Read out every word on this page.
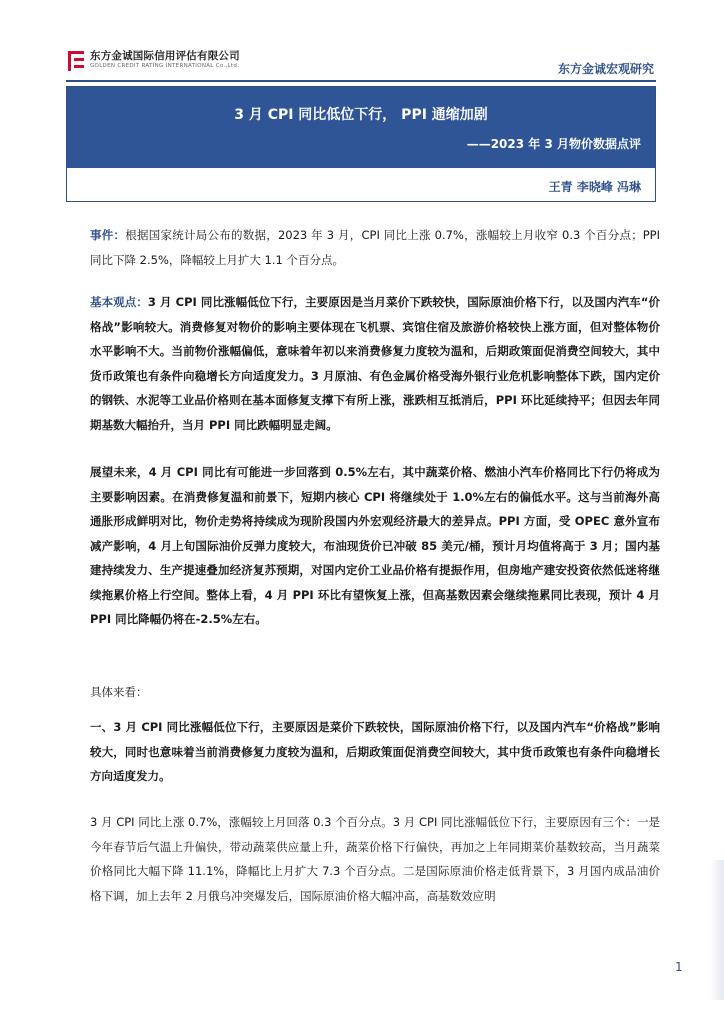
东方金诚国际信用评估有限公司
GOLDEN CREDIT RATING INTERNATIONAL Co.,Ltd.	东方金诚宏观研究
3 月 CPI 同比低位下行， PPI 通缩加剧
——2023 年 3 月物价数据点评
王青 李晓峰 冯琳

事件：根据国家统计局公布的数据，2023 年 3 月，CPI 同比上涨 0.7%，涨幅较上月收窄 0.3 个百分点；PPI 同比下降 2.5%，降幅较上月扩大 1.1 个百分点。

基本观点：3 月 CPI 同比涨幅低位下行，主要原因是当月菜价下跌较快，国际原油价格下行，以及国内汽车“价格战”影响较大。消费修复对物价的影响主要体现在飞机票、宾馆住宿及旅游价格较快上涨方面，但对整体物价水平影响不大。当前物价涨幅偏低，意味着年初以来消费修复力度较为温和，后期政策面促消费空间较大，其中货币政策也有条件向稳增长方向适度发力。3 月原油、有色金属价格受海外银行业危机影响整体下跌，国内定价的钢铁、水泥等工业品价格则在基本面修复支撑下有所上涨，涨跌相互抵消后，PPI 环比延续持平；但因去年同期基数大幅抬升，当月 PPI 同比跌幅明显走阔。

展望未来，4 月 CPI 同比有可能进一步回落到 0.5%左右，其中蔬菜价格、燃油小汽车价格同比下行仍将成为主要影响因素。在消费修复温和前景下，短期内核心 CPI 将继续处于 1.0%左右的偏低水平。这与当前海外高通胀形成鲜明对比，物价走势将持续成为现阶段国内外宏观经济最大的差异点。PPI 方面，受 OPEC 意外宣布减产影响，4 月上旬国际油价反弹力度较大，布油现货价已冲破 85 美元/桶，预计月均值将高于 3 月；国内基建持续发力、生产提速叠加经济复苏预期，对国内定价工业品价格有提振作用，但房地产建安投资依然低迷将继续拖累价格上行空间。整体上看，4 月 PPI 环比有望恢复上涨，但高基数因素会继续拖累同比表现，预计 4 月 PPI 同比降幅仍将在-2.5%左右。

具体来看：

一、3 月 CPI 同比涨幅低位下行，主要原因是菜价下跌较快，国际原油价格下行，以及国内汽车“价格战”影响较大，同时也意味着当前消费修复力度较为温和，后期政策面促消费空间较大，其中货币政策也有条件向稳增长方向适度发力。

3 月 CPI 同比上涨 0.7%，涨幅较上月回落 0.3 个百分点。3 月 CPI 同比涨幅低位下行，主要原因有三个：一是今年春节后气温上升偏快，带动蔬菜供应量上升，蔬菜价格下行偏快，再加之上年同期菜价基数较高，当月蔬菜价格同比大幅下降 11.1%，降幅比上月扩大 7.3 个百分点。二是国际原油价格走低背景下，3 月国内成品油价格下调，加上去年 2 月俄乌冲突爆发后，国际原油价格大幅冲高，高基数效应明

1
